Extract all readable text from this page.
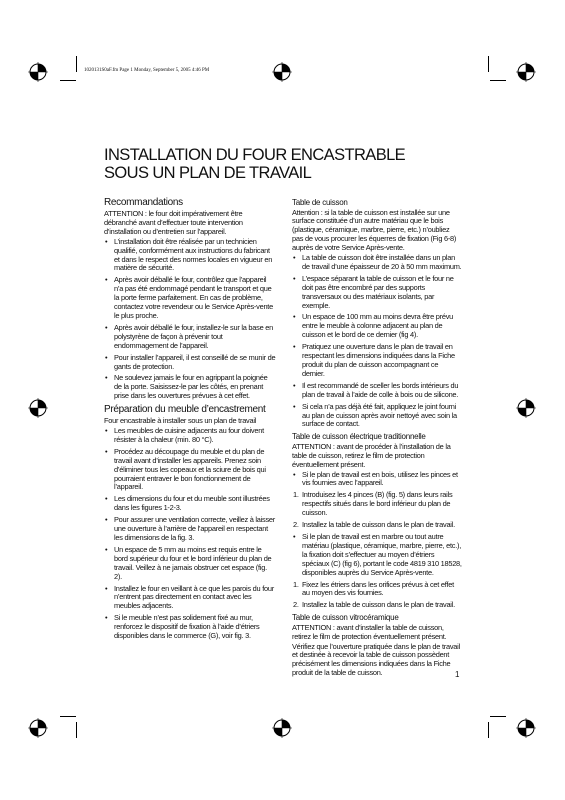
1020131S0aF.fm Page 1 Monday, September 5, 2005 4:46 PM
INSTALLATION DU FOUR ENCASTRABLE
SOUS UN PLAN DE TRAVAIL
Recommandations

ATTENTION : le four doit impérativement être débranché avant d’effectuer toute intervention d’installation ou d’entretien sur l’appareil.

• L’installation doit être réalisée par un technicien qualifié, conformément aux instructions du fabricant et dans le respect des normes locales en vigueur en matière de sécurité.
• Après avoir déballé le four, contrôlez que l’appareil n’a pas été endommagé pendant le transport et que la porte ferme parfaitement. En cas de problème, contactez votre revendeur ou le Service Après-vente le plus proche.
• Après avoir déballé le four, installez-le sur la base en polystyrène de façon à prévenir tout endommagement de l’appareil.
• Pour installer l’appareil, il est conseillé de se munir de gants de protection.
• Ne soulevez jamais le four en agrippant la poignée de la porte. Saisissez-le par les côtés, en prenant prise dans les ouvertures prévues à cet effet.
Préparation du meuble d’encastrement

Four encastrable à installer sous un plan de travail

• Les meubles de cuisine adjacents au four doivent résister à la chaleur (min. 80 °C).
• Procédez au découpage du meuble et du plan de travail avant d’installer les appareils. Prenez soin d’éliminer tous les copeaux et la sciure de bois qui pourraient entraver le bon fonctionnement de l’appareil.
• Les dimensions du four et du meuble sont illustrées dans les figures 1-2-3.
• Pour assurer une ventilation correcte, veillez à laisser une ouverture à l’arrière de l’appareil en respectant les dimensions de la fig. 3.
• Un espace de 5 mm au moins est requis entre le bord supérieur du four et le bord inférieur du plan de travail. Veillez à ne jamais obstruer cet espace (fig. 2).
• Installez le four en veillant à ce que les parois du four n’entrent pas directement en contact avec les meubles adjacents.
• Si le meuble n’est pas solidement fixé au mur, renforcez le dispositif de fixation à l’aide d’étriers disponibles dans le commerce (G), voir fig. 3.
Table de cuisson

Attention : si la table de cuisson est installée sur une surface constituée d’un autre matériau que le bois (plastique, céramique, marbre, pierre, etc.) n’oubliez pas de vous procurer les équerres de fixation (Fig 6-8) auprès de votre Service Après-vente.

• La table de cuisson doit être installée dans un plan de travail d’une épaisseur de 20 à 50 mm maximum.
• L’espace séparant la table de cuisson et le four ne doit pas être encombré par des supports transversaux ou des matériaux isolants, par exemple.
• Un espace de 100 mm au moins devra être prévu entre le meuble à colonne adjacent au plan de cuisson et le bord de ce dernier (fig 4).
• Pratiquez une ouverture dans le plan de travail en respectant les dimensions indiquées dans la Fiche produit du plan de cuisson accompagnant ce dernier.
• Il est recommandé de sceller les bords intérieurs du plan de travail à l’aide de colle à bois ou de silicone.
• Si cela n’a pas déjà été fait, appliquez le joint fourni au plan de cuisson après avoir nettoyé avec soin la surface de contact.
Table de cuisson électrique traditionnelle

ATTENTION : avant de procéder à l’installation de la table de cuisson, retirez le film de protection éventuellement présent.

• Si le plan de travail est en bois, utilisez les pinces et vis fournies avec l’appareil.
1. Introduisez les 4 pinces (B) (fig. 5) dans leurs rails respectifs situés dans le bord inférieur du plan de cuisson.
2. Installez la table de cuisson dans le plan de travail.
• Si le plan de travail est en marbre ou tout autre matériau (plastique, céramique, marbre, pierre, etc.), la fixation doit s’effectuer au moyen d’étriers spéciaux (C) (fig 6), portant le code 4819 310 18528, disponibles auprès du Service Après-vente.
1. Fixez les étriers dans les orifices prévus à cet effet au moyen des vis fournies.
2. Installez la table de cuisson dans le plan de travail.
Table de cuisson vitrocéramique

ATTENTION : avant d’installer la table de cuisson, retirez le film de protection éventuellement présent.

Vérifiez que l’ouverture pratiquée dans le plan de travail et destinée à recevoir la table de cuisson possèdent précisément les dimensions indiquées dans la Fiche produit de la table de cuisson.	1
